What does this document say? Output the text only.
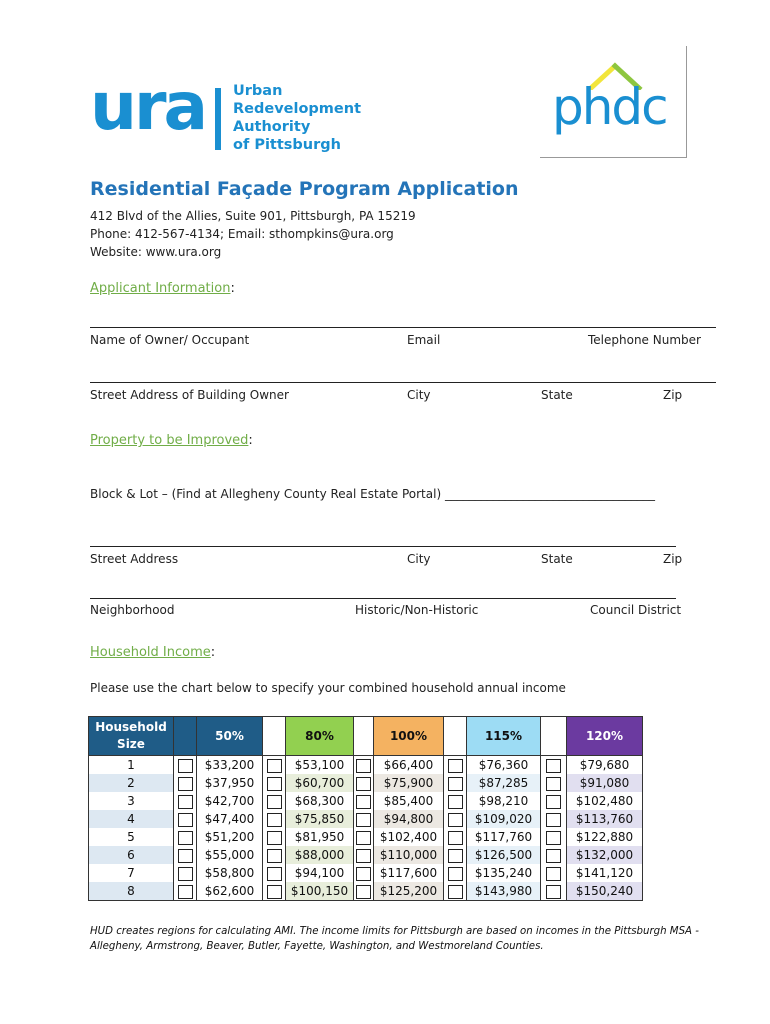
ura Urban
Redevelopment
Authority
of Pittsburgh
phdc
Residential Façade Program Application
412 Blvd of the Allies, Suite 901, Pittsburgh, PA 15219
Phone: 412-567-4134; Email: sthompkins@ura.org
Website: www.ura.org
Applicant Information:
Name of Owner/ Occupant	Email	Telephone Number
Street Address of Building Owner	City	State	Zip
Property to be Improved:
Block & Lot – (Find at Allegheny County Real Estate Portal) ___________________________________
Street Address	City	State	Zip
Neighborhood	Historic/Non-Historic	Council District
Household Income:
Please use the chart below to specify your combined household annual income
Household
Size		50%		80%		100%		115%		120%
1		$33,200		$53,100		$66,400		$76,360		$79,680
2		$37,950		$60,700		$75,900		$87,285		$91,080
3		$42,700		$68,300		$85,400		$98,210		$102,480
4		$47,400		$75,850		$94,800		$109,020		$113,760
5		$51,200		$81,950		$102,400		$117,760		$122,880
6		$55,000		$88,000		$110,000		$126,500		$132,000
7		$58,800		$94,100		$117,600		$135,240		$141,120
8		$62,600		$100,150		$125,200		$143,980		$150,240
HUD creates regions for calculating AMI. The income limits for Pittsburgh are based on incomes in the Pittsburgh MSA - Allegheny, Armstrong, Beaver, Butler, Fayette, Washington, and Westmoreland Counties.
